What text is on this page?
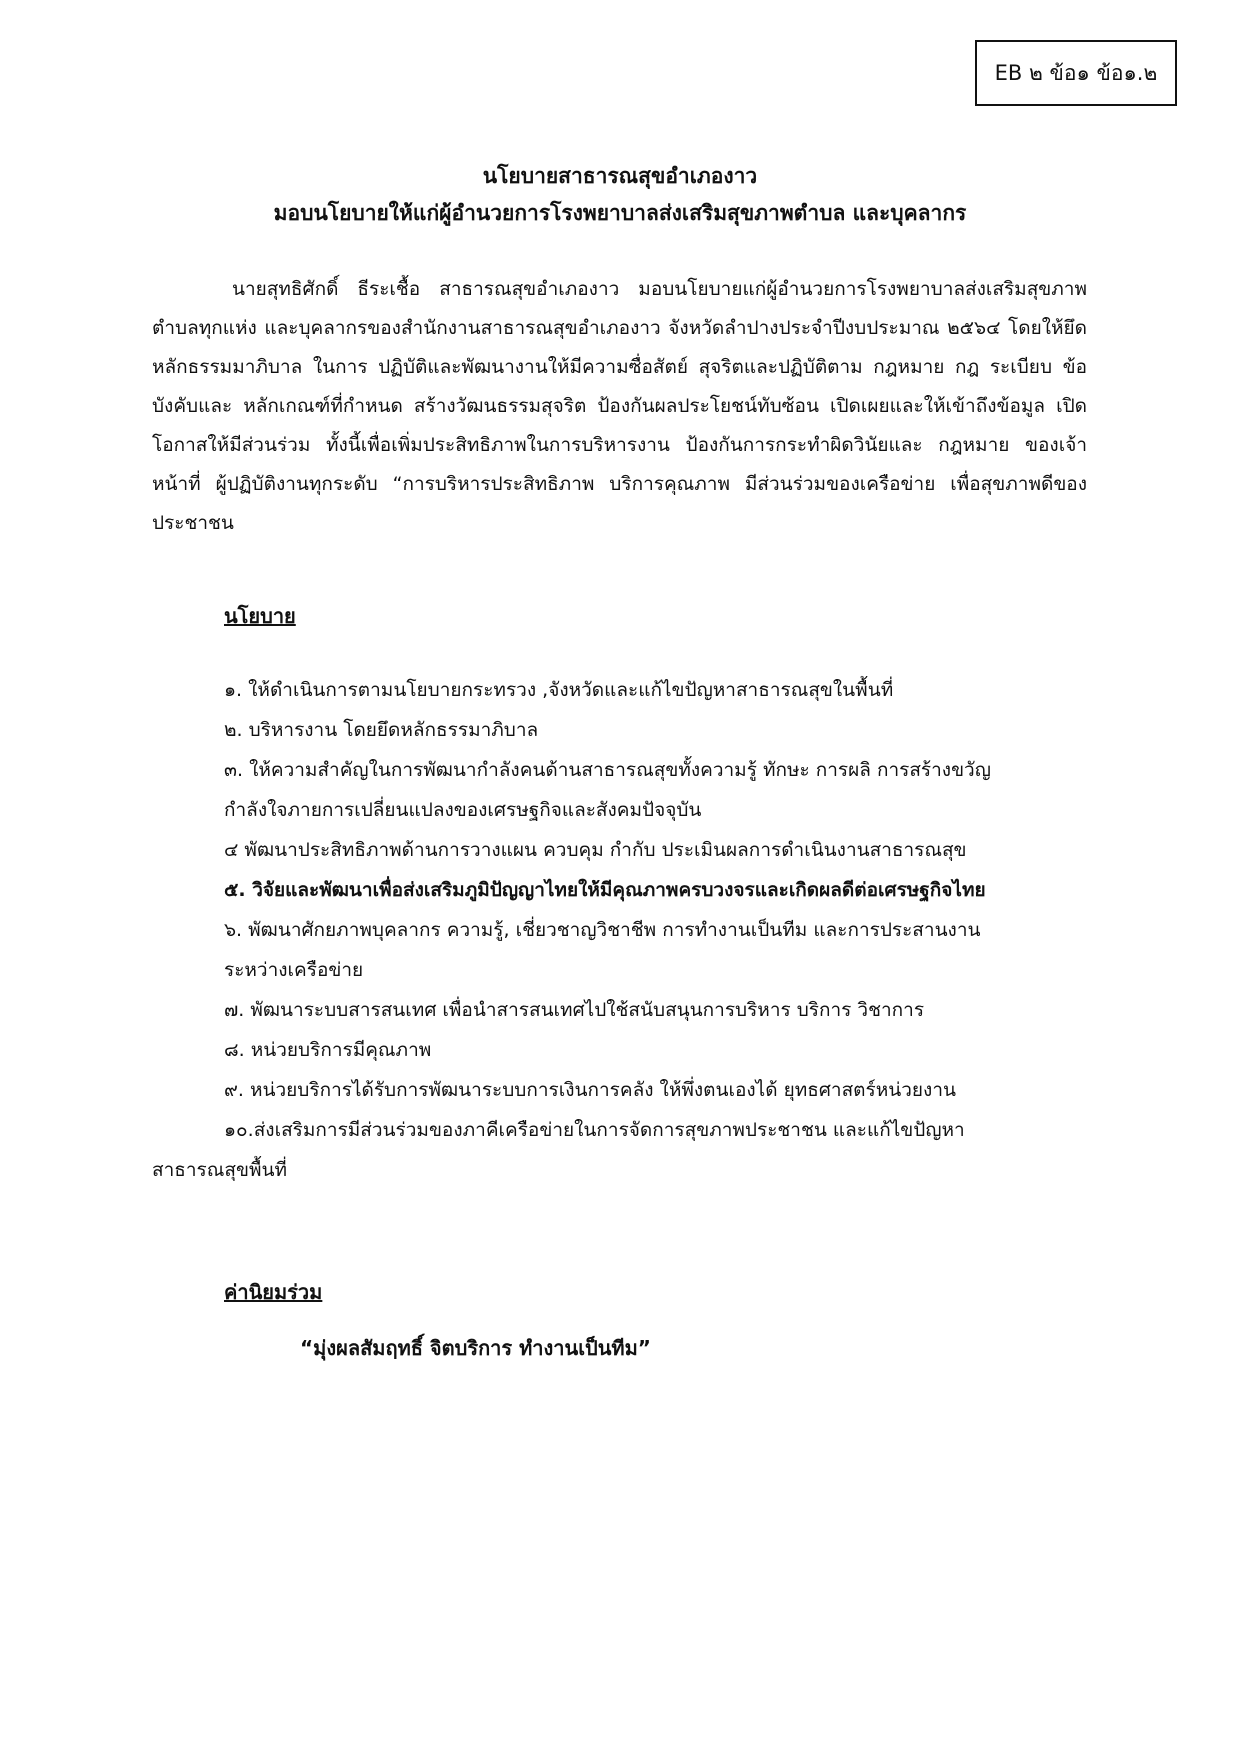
EB ๒ ข้อ๑ ข้อ๑.๒
นโยบายสาธารณสุขอำเภองาว
มอบนโยบายให้แก่ผู้อำนวยการโรงพยาบาลส่งเสริมสุขภาพตำบล และบุคลากร
นายสุทธิศักดิ์ ธีระเชื้อ สาธารณสุขอำเภองาว มอบนโยบายแก่ผู้อำนวยการโรงพยาบาลส่งเสริมสุขภาพตำบลทุกแห่ง และบุคลากรของสำนักงานสาธารณสุขอำเภองาว จังหวัดลำปางประจำปีงบประมาณ ๒๕๖๔ โดยให้ยึดหลักธรรมมาภิบาล ในการ ปฏิบัติและพัฒนางานให้มีความซื่อสัตย์ สุจริตและปฏิบัติตาม กฎหมาย กฎ ระเบียบ ข้อบังคับและ หลักเกณฑ์ที่กำหนด สร้างวัฒนธรรมสุจริต ป้องกันผลประโยชน์ทับซ้อน เปิดเผยและให้เข้าถึงข้อมูล เปิดโอกาสให้มีส่วนร่วม ทั้งนี้เพื่อเพิ่มประสิทธิภาพในการบริหารงาน ป้องกันการกระทำผิดวินัยและ กฎหมาย ของเจ้าหน้าที่ ผู้ปฏิบัติงานทุกระดับ “การบริหารประสิทธิภาพ บริการคุณภาพ มีส่วนร่วมของเครือข่าย เพื่อสุขภาพดีของประชาชน
นโยบาย
๑. ให้ดำเนินการตามนโยบายกระทรวง ,จังหวัดและแก้ไขปัญหาสาธารณสุขในพื้นที่
๒. บริหารงาน โดยยึดหลักธรรมาภิบาล
๓. ให้ความสำคัญในการพัฒนากำลังคนด้านสาธารณสุขทั้งความรู้ ทักษะ การผลิ การสร้างขวัญ
กำลังใจภายการเปลี่ยนแปลงของเศรษฐกิจและสังคมปัจจุบัน
๔ พัฒนาประสิทธิภาพด้านการวางแผน ควบคุม กำกับ ประเมินผลการดำเนินงานสาธารณสุข
๕. วิจัยและพัฒนาเพื่อส่งเสริมภูมิปัญญาไทยให้มีคุณภาพครบวงจรและเกิดผลดีต่อเศรษฐกิจไทย
๖. พัฒนาศักยภาพบุคลากร ความรู้, เชี่ยวชาญวิชาชีพ การทำงานเป็นทีม และการประสานงาน
ระหว่างเครือข่าย
๗. พัฒนาระบบสารสนเทศ เพื่อนำสารสนเทศไปใช้สนับสนุนการบริหาร บริการ วิชาการ
๘. หน่วยบริการมีคุณภาพ
๙. หน่วยบริการได้รับการพัฒนาระบบการเงินการคลัง ให้พึ่งตนเองได้ ยุทธศาสตร์หน่วยงาน
๑๐.ส่งเสริมการมีส่วนร่วมของภาคีเครือข่ายในการจัดการสุขภาพประชาชน และแก้ไขปัญหา
สาธารณสุขพื้นที่
ค่านิยมร่วม
“มุ่งผลสัมฤทธิ์ จิตบริการ ทำงานเป็นทีม”
